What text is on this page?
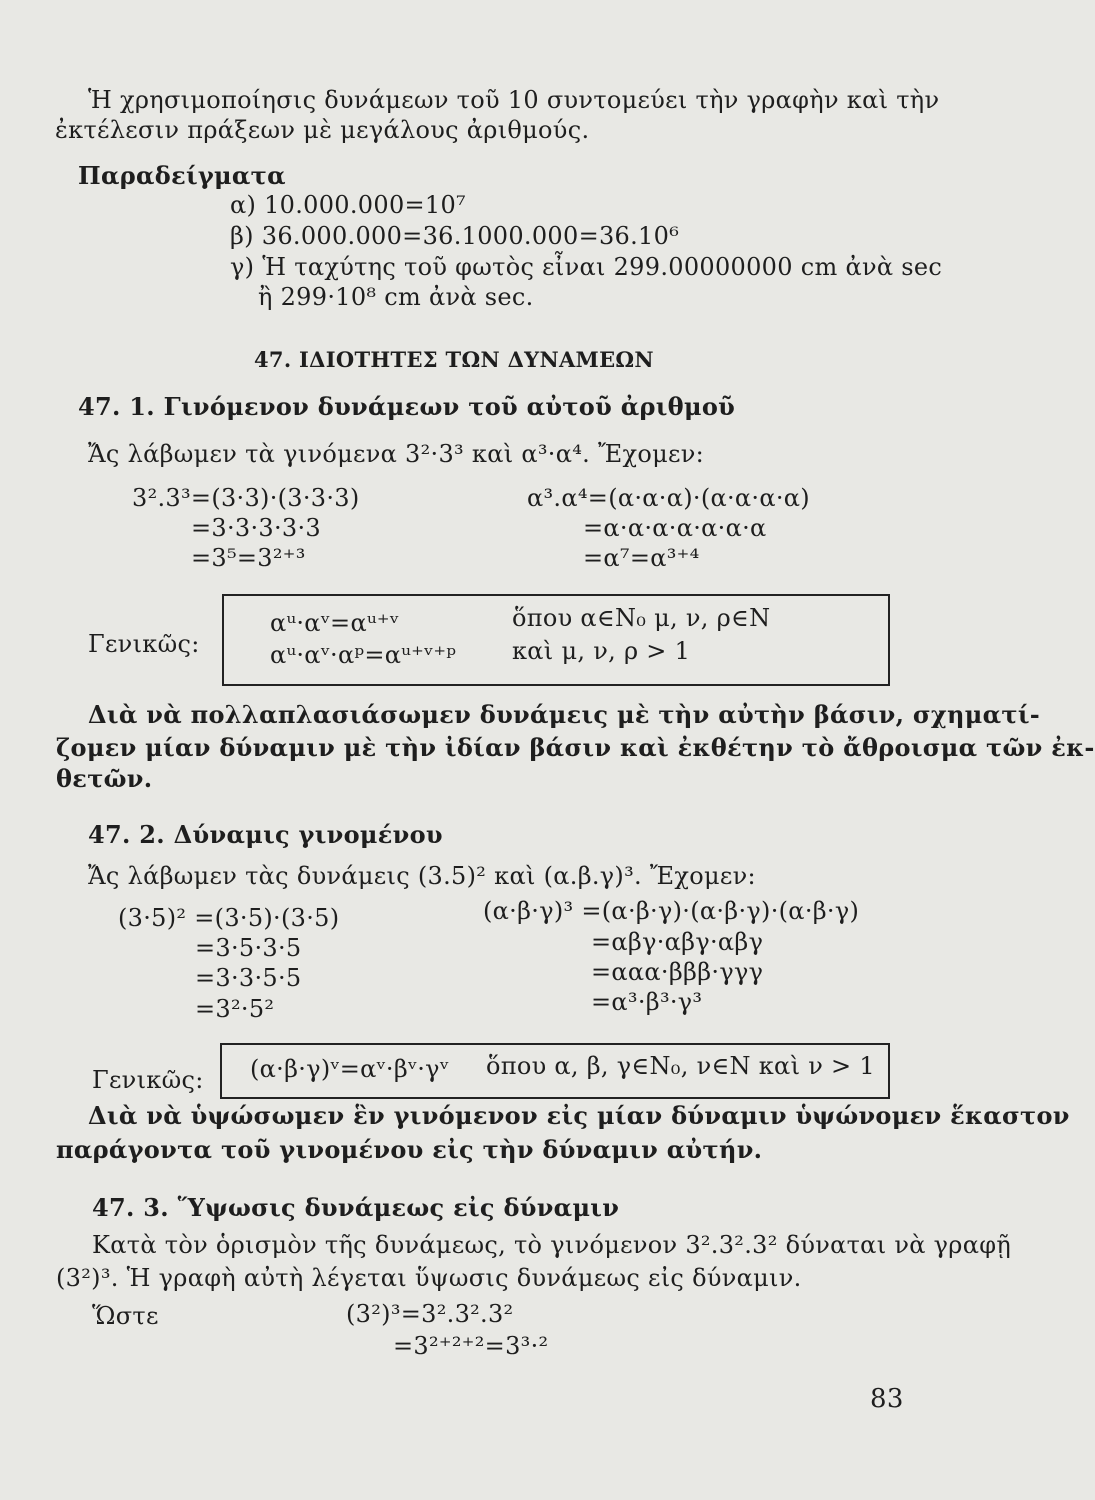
Ἡ χρησιμοποίησις δυνάμεων τοῦ 10 συντομεύει τὴν γραφὴν καὶ τὴν
ἐκτέλεσιν πράξεων μὲ μεγάλους ἀριθμούς.
Παραδείγματα
α) 10.000.000=10⁷
β) 36.000.000=36.1000.000=36.10⁶
γ) Ἡ ταχύτης τοῦ φωτὸς εἶναι 299.00000000 cm ἀνὰ sec
ἢ 299·10⁸ cm ἀνὰ sec.
47. ΙΔΙΟΤΗΤΕΣ ΤΩΝ ΔΥΝΑΜΕΩΝ
47. 1. Γινόμενον δυνάμεων τοῦ αὐτοῦ ἀριθμοῦ
Ἄς λάβωμεν τὰ γινόμενα 3²·3³ καὶ α³·α⁴. Ἔχομεν:
3².3³=(3·3)·(3·3·3)
=3·3·3·3·3
=3⁵=3²⁺³
α³.α⁴=(α·α·α)·(α·α·α·α)
=α·α·α·α·α·α·α
=α⁷=α³⁺⁴
Γενικῶς:
αᵘ·αᵛ=αᵘ⁺ᵛ
αᵘ·αᵛ·αᵖ=αᵘ⁺ᵛ⁺ᵖ
ὅπου α∈N₀ μ, ν, ρ∈N
καὶ μ, ν, ρ > 1
Διὰ νὰ πολλαπλασιάσωμεν δυνάμεις μὲ τὴν αὐτὴν βάσιν, σχηματί-
ζομεν μίαν δύναμιν μὲ τὴν ἰδίαν βάσιν καὶ ἐκθέτην τὸ ἄθροισμα τῶν ἐκ-
θετῶν.
47. 2. Δύναμις γινομένου
Ἄς λάβωμεν τὰς δυνάμεις (3.5)² καὶ (α.β.γ)³. Ἔχομεν:
(3·5)² =(3·5)·(3·5)
=3·5·3·5
=3·3·5·5
=3²·5²
(α·β·γ)³ =(α·β·γ)·(α·β·γ)·(α·β·γ)
=αβγ·αβγ·αβγ
=ααα·βββ·γγγ
=α³·β³·γ³
Γενικῶς: (α·β·γ)ᵛ=αᵛ·βᵛ·γᵛ ὅπου α, β, γ∈N₀, ν∈N καὶ ν > 1
Διὰ νὰ ὑψώσωμεν ἓν γινόμενον εἰς μίαν δύναμιν ὑψώνομεν ἕκαστον
παράγοντα τοῦ γινομένου εἰς τὴν δύναμιν αὐτήν.
47. 3. Ὕψωσις δυνάμεως εἰς δύναμιν
Κατὰ τὸν ὁρισμὸν τῆς δυνάμεως, τὸ γινόμενον 3².3².3² δύναται νὰ γραφῇ
(3²)³. Ἡ γραφὴ αὐτὴ λέγεται ὕψωσις δυνάμεως εἰς δύναμιν.
Ὥστε	(3²)³=3².3².3²
=3²⁺²⁺²=3³·²
83
